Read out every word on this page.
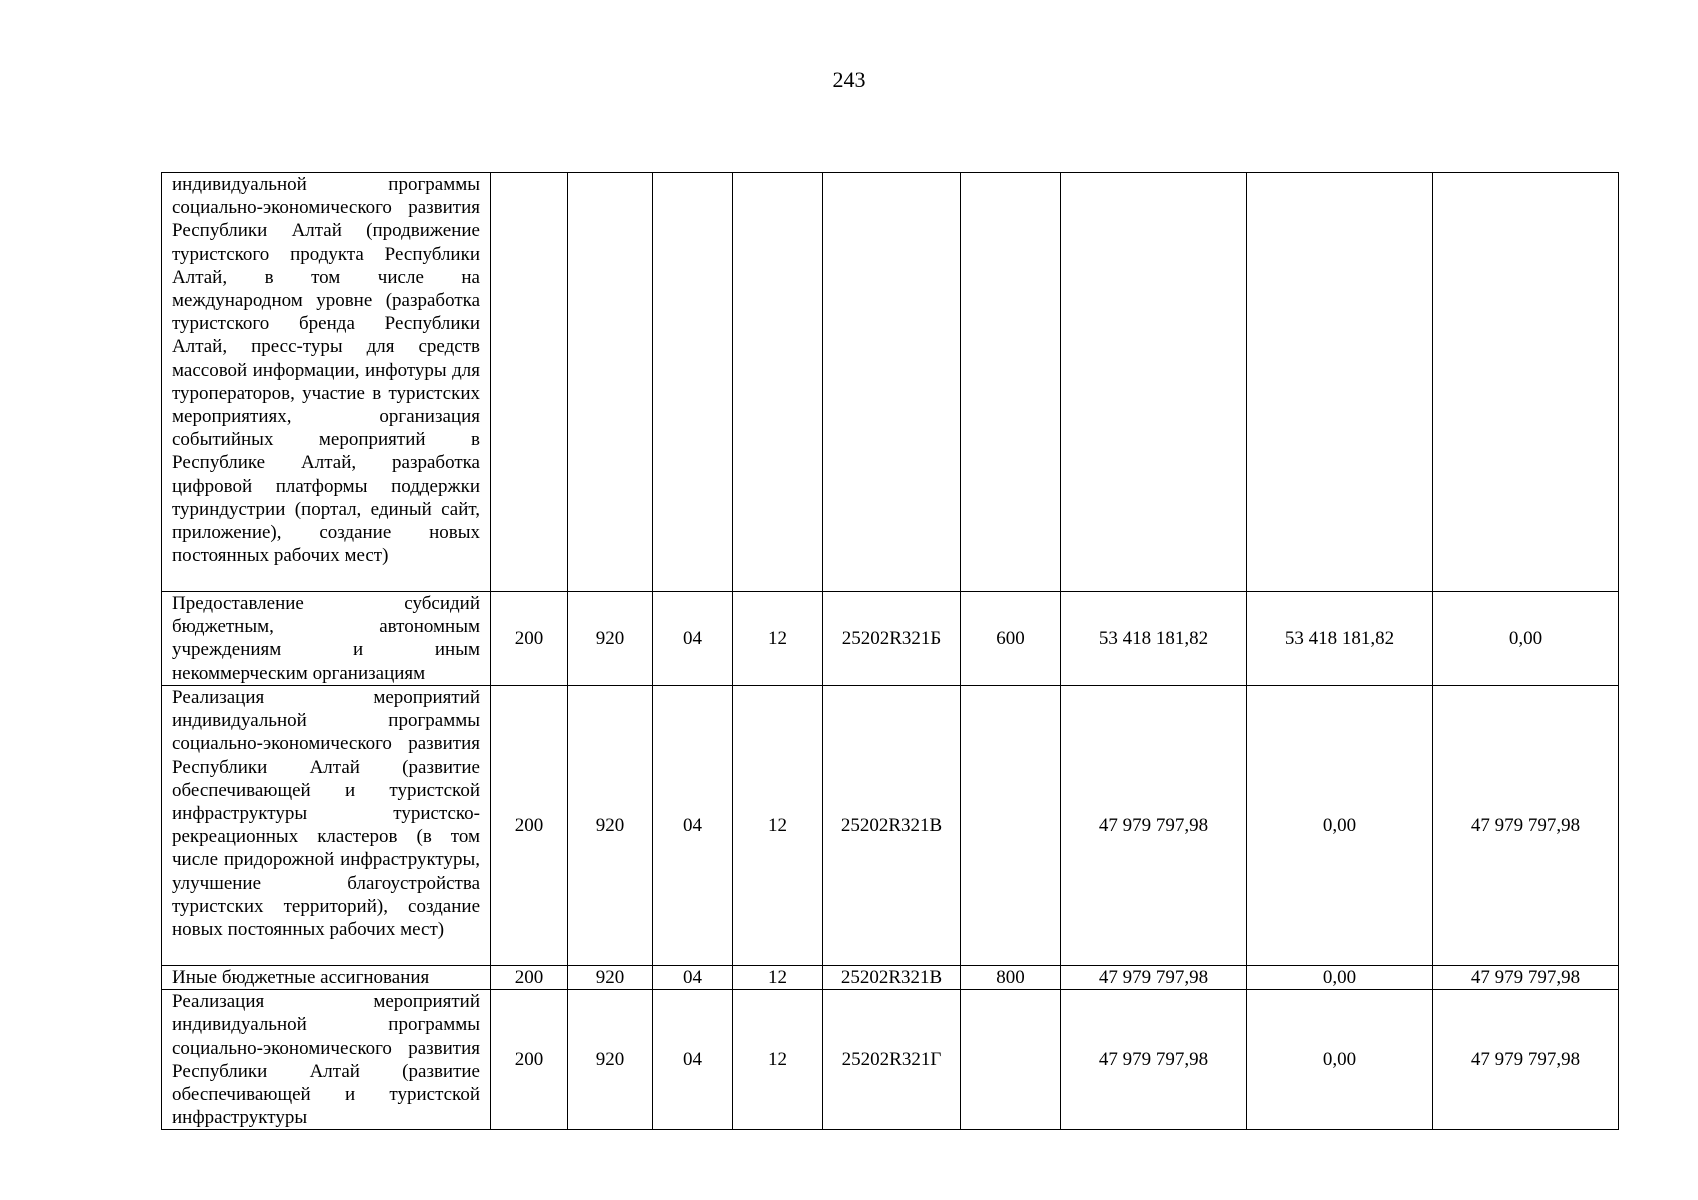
243
индивидуальной программы социально-экономического развития Республики Алтай (продвижение туристского продукта Республики Алтай, в том числе на международном уровне (разработка туристского бренда Республики Алтай, пресс-туры для средств массовой информации, инфотуры для туроператоров, участие в туристских мероприятиях, организация событийных мероприятий в Республике Алтай, разработка цифровой платформы поддержки туриндустрии (портал, единый сайт, приложение), создание новых постоянных рабочих мест)									
Предоставление субсидий бюджетным, автономным учреждениям и иным некоммерческим организациям	200	920	04	12	25202R321Б	600	53 418 181,82	53 418 181,82	0,00
Реализация мероприятий индивидуальной программы социально-экономического развития Республики Алтай (развитие обеспечивающей и туристской инфраструктуры туристско-рекреационных кластеров (в том числе придорожной инфраструктуры, улучшение благоустройства туристских территорий), создание новых постоянных рабочих мест)	200	920	04	12	25202R321В		47 979 797,98	0,00	47 979 797,98
Иные бюджетные ассигнования	200	920	04	12	25202R321В	800	47 979 797,98	0,00	47 979 797,98
Реализация мероприятий индивидуальной программы социально-экономического развития Республики Алтай (развитие обеспечивающей и туристской инфраструктуры	200	920	04	12	25202R321Г		47 979 797,98	0,00	47 979 797,98
